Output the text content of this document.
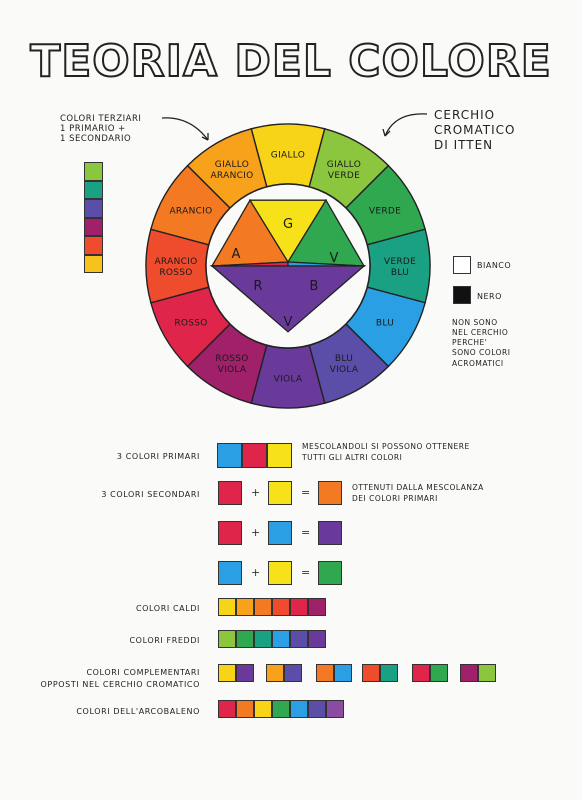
TEORIA DEL COLORE
GIALLO
GIALLO
VERDE
VERDE
VERDE
BLU
BLU
BLU
VIOLA
VIOLA
ROSSO
VIOLA
ROSSO
ARANCIO
ROSSO
ARANCIO
GIALLO
ARANCIO
A
G
V
R	B
V
CERCHIO
CROMATICO
DI ITTEN
COLORI TERZIARI
1 PRIMARIO +
1 SECONDARIO
BIANCO
NERO
NON SONO
NEL CERCHIO
PERCHE'
SONO COLORI
ACROMATICI
3 COLORI PRIMARI
MESCOLANDOLI SI POSSONO OTTENERE
TUTTI GLI ALTRI COLORI
3 COLORI SECONDARI
OTTENUTI DALLA MESCOLANZA
DEI COLORI PRIMARI
COLORI CALDI
COLORI FREDDI
COLORI COMPLEMENTARI
OPPOSTI NEL CERCHIO CROMATICO
COLORI DELL'ARCOBALENO
+	=
+	=
+	=
